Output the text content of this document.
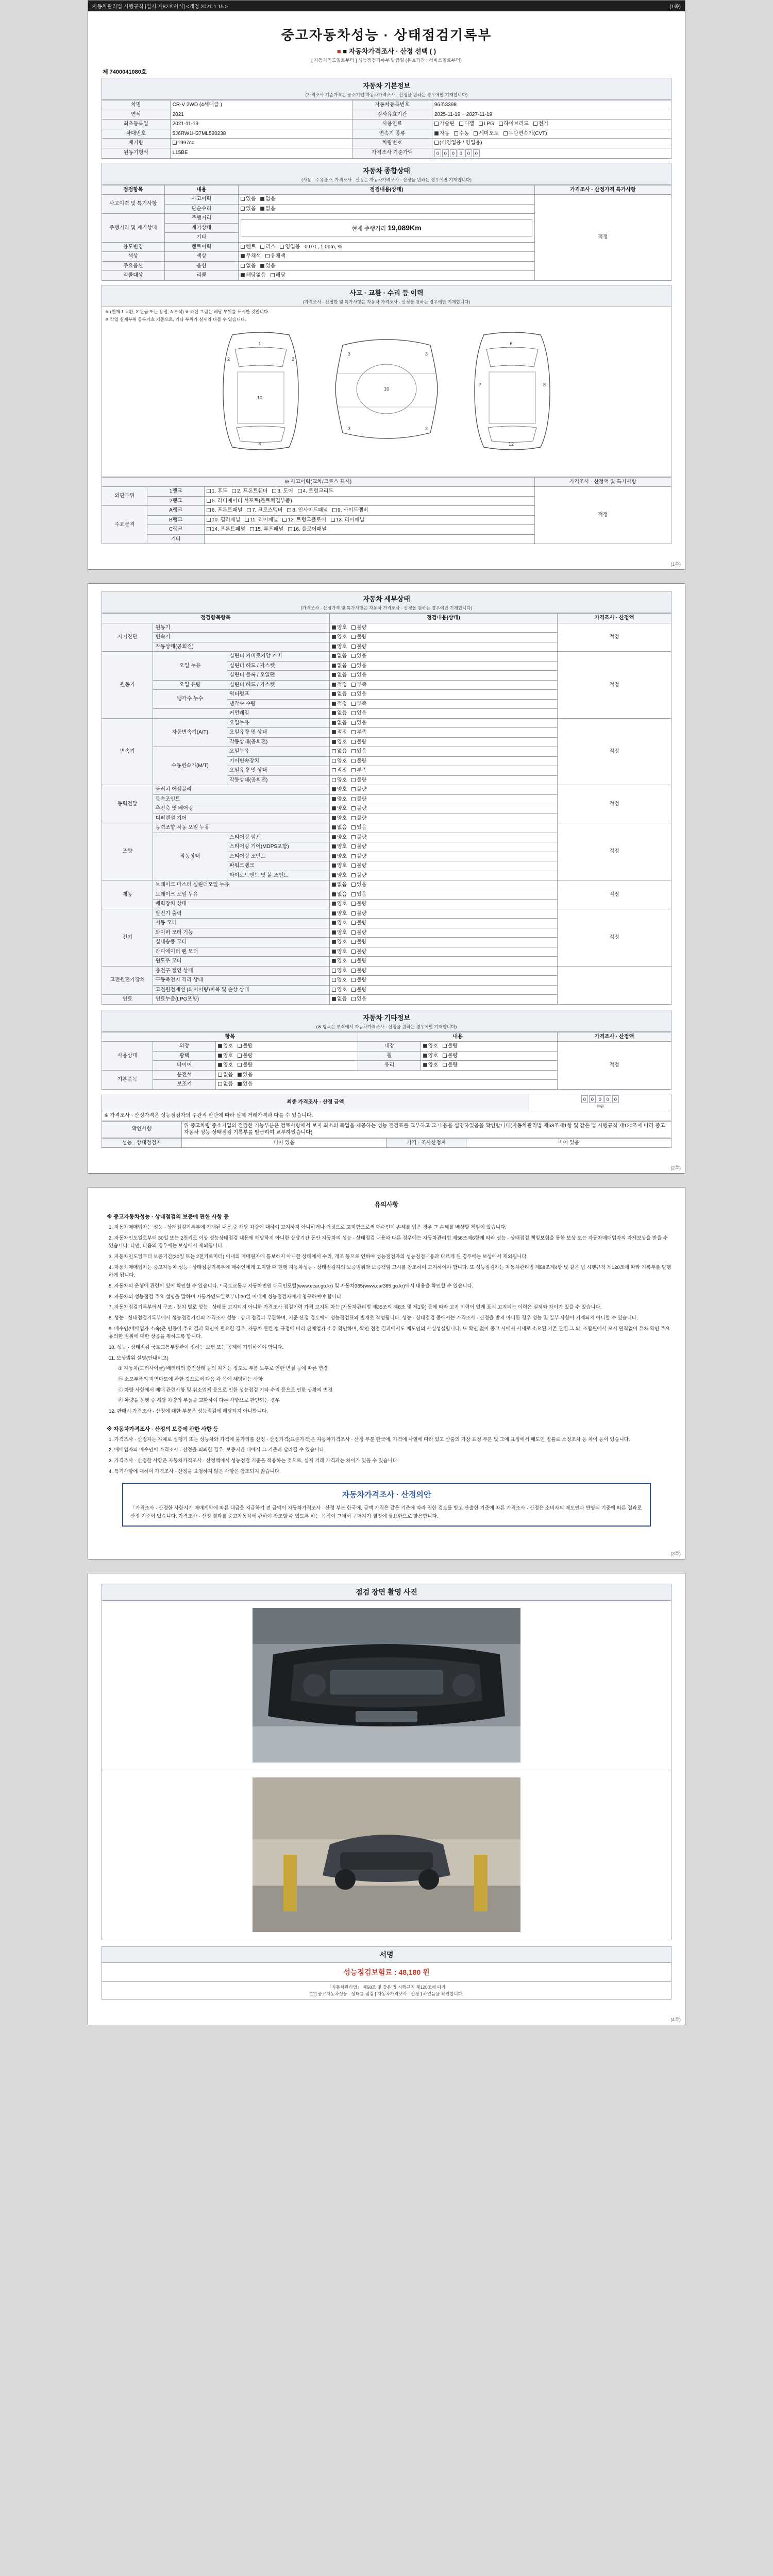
자동차관리법 시행규칙 [별지 제82호서식] <개정 2021.1.15.>	(1쪽)
중고자동차성능 · 상태점검기록부
■ ■ 자동차가격조사 · 산정 선택 ( )
[ 자동차인도일로부터 ] 성능점검기록부 발급일 (유효기간 : 서비스일로부터)
제 7400041080호
자동차 기본정보
(가격조사 기준가격은 중소기업 자동차가격조사 · 산정을 원하는 경우에만 기재합니다)
차명	CR-V 2WD (4세대급 )	자동차등록번호	96조3398
연식	2021	검사유효기간	2025-11-19 ~ 2027-11-19
최초등록일	2021-11-19	사용연료	가솔린 디젤 LPG 하이브리드 전기
차대번호	5J6RW1H37ML520238	변속기 종류	자동 수동 세미오토 무단변속기(CVT)
배기량	1997cc	차량번호	(비영업용 / 영업용)
원동기형식	L15BE	가격조사 기준가액	0	0	0	0	0	0
자동차 종합상태
(사용 · 주유출소, 가격조사 · 산정은 자동차가격조사 · 산정을 원하는 경우에만 기재합니다)
점검항목	내용	점검내용(상태)	가격조사 · 산정가격 특가사항
사고이력 및 특기사항	사고이력	있음 없음	적정
	단순수리	있음 없음	
주행거리 및 계기상태	주행거리	현재 주행거리 19,089Km	

	계기상태		
	기타		
용도변경	렌트이력	렌트 리스 영업용 0.07L, 1.0pm, %	
색상	색상	무채색 유채색	
주요옵션	옵션	없음 있음	
리콜대상	리콜	해당없음 해당	
사고 · 교환 · 수리 등 이력
(가격조사 · 산정한 및 특가사항은 자동차 가격조사 · 산정을 원하는 경우에만 기재합니다)
※ (현재 1 교환, X 판금 또는 용접, A 부식) ※ 하단 그림은 해당 부위를 표시한 것입니다.
※ 작업 실제부위 등록기호 기준으로, 기타 부위가 실제와 다를 수 있습니다.
1
2	2
10
4
10
3	3
3	3
6
7	8
12
※ 사고이력(교차/크로스 표시)			가격조사 · 산정액 및 특가사항
외판부위	1랭크	1. 후드 2. 프론트휀더 3. 도어 4. 트렁크리드	적정
	2랭크	5. 라디에이터 서포트(볼트체결부품)	
주요골격	A랭크	6. 프론트패널 7. 크로스멤버 8. 인사이드패널 9. 사이드멤버	
	B랭크	10. 필러패널 11. 리어패널 12. 트렁크플로어 13. 리어패널	
	C랭크	14. 프론트패널 15. 루프패널 16. 플로어패널	
	기타		
(1쪽)
자동차 세부상태
(가격조사 · 산정가격 및 특가사항은 자동차 가격조사 · 산정을 원하는 경우에만 기재합니다)
점검항목항목			점검내용(상태)	가격조사 · 산정액
자기진단	원동기		양호 불량	적정
	변속기		양호 불량	
	작동상태(공회전)		양호 불량	
원동기	오일 누유	실린더 커버로커암 커버	없음 있음	적정
		실린더 헤드 / 가스켓	없음 있음	
		실린더 블록 / 오일팬	없음 있음	
	오일 유량	실린더 헤드 / 가스켓	적정 부족	
	냉각수 누수	워터펌프	없음 있음	
		냉각수 수량	적정 부족	
		커먼레일	없음 있음	
변속기	자동변속기(A/T)	오일누유	없음 있음	적정
		오일유량 및 상태	적정 부족	
		작동상태(공회전)	양호 불량	
	수동변속기(M/T)	오일누유	없음 있음	
		기어변속장치	양호 불량	
		오일유량 및 상태	적정 부족	
		작동상태(공회전)	양호 불량	
동력전달	클러치 어셈블리		양호 불량	적정
	등속조인트		양호 불량	
	추진축 및 베어링		양호 불량	
	디퍼렌셜 기어		양호 불량	
조향	동력조향 작동 오일 누유		없음 있음	적정
	작동상태	스티어링 펌프	양호 불량	
		스티어링 기어(MDPS포함)	양호 불량	
		스티어링 조인트	양호 불량	
		파워크랭크	양호 불량	
		타이로드엔드 및 볼 조인트	양호 불량	
제동	브레이크 마스터 실린더오일 누유		없음 있음	적정
	브레이크 오일 누유		없음 있음	
	배력장치 상태		양호 불량	
전기	발전기 출력		양호 불량	적정
	시동 모터		양호 불량	
	와이퍼 모터 기능		양호 불량	
	실내송풍 모터		양호 불량	
	라디에이터 팬 모터		양호 불량	
	윈도우 모터		양호 불량	
고전원전기장치	충전구 절연 상태		양호 불량	
	구동축전지 격리 상태		양호 불량	
	고전원전계선 (와이어링)피복 및 손상 상태		양호 불량	
연료	연료누출(LPG포함)		없음 있음	
자동차 기타정보
(※ 항목은 부식에서 자동차가격조사 · 산정을 원하는 경우에만 기재합니다)
항목			내용		가격조사 · 산정액
사용상태	외장	양호 불량	내장	양호 불량	적정
	광택	양호 불량	휠	양호 불량	
	타이어	양호 불량	유리	양호 불량	
기본품목	운전석	없음 있음			
	보조키	없음 있음			
최종 가격조사 · 산정 금액	
0	0	0	0	0
천원
※ 가격조사 · 산정가격은 성능점검자의 주관적 판단에 따라 실제 거래가격과 다를 수 있습니다.
확인사항	위 중고차량 중소기업의 점검한 기능부분은 검토사항에서 보지 최소의 목업을 제공하는 성능 점검표를 교부하고 그 내용을 설명하였음을 확인합니다(자동차관리법 제58조제1항 및 같은 법 시행규칙 제120조에 따라 중고자동차 성능·상태점검 기록부를 발급하여 교부하였습니다).

성능 · 상태점검자	비어 있음	가격 · 조사산정자	비어 있음
(2쪽)
유의사항
※ 중고자동차성능 · 상태점검의 보증에 관한 사항 등
1. 자동차매매업자는 성능 · 상태점검기록부에 기재된 내용 중 해당 차량에 대하여 고지하지 아니하거나 거짓으로 고지함으로써 매수인이 손해를 입은 경우 그 손해를 배상할 책임이 있습니다.
2. 자동차인도일로부터 30일 또는 2천키로 이상 성능상태점검 내용에 해당하지 아니한 상당기간 동안 자동차의 성능 · 상태점검 내용과 다른 경우에는 자동차관리법 제58조제6항에 따라 성능 · 상태점검 책임보험을 통한 보상 또는 자동차매매업자의 자체보상을 받을 수 있습니다. 다만, 다음의 경우에는 보상에서 제외됩니다.
3. 자동차인도일부터 보증기간(30일 또는 2천키로미터) 이내의 매매원자에 통보하지 아니한 상태에서 수리, 개조 등으로 인하여 성능점검자의 성능점검내용과 다르게 된 경우에는 보상에서 제외됩니다.
4. 자동차매매업자는 중고자동차 성능 · 상태점검기록부에 매수인에게 고지할 때 현행 자동차성능 · 상태점검자의 보증범위와 보증책임 고시를 참조하여 고지하여야 합니다. 또 성능점검자는 자동차관리법 제58조제4항 및 같은 법 시행규칙 제120조에 따라 기록부를 발행하게 됩니다.
5. 자동차의 운행에 관련이 있어 확인할 수 있습니다. * 국토교통부 자동차민원 대국민포털(www.ecar.go.kr) 및 자동차365(www.car365.go.kr)에서 내용을 확인할 수 있습니다.
6. 자동차의 성능점검 주요 설명을 말하며 자동차인도일로부터 30일 이내에 성능점검자에게 청구하여야 합니다.
7. 자동차점검기록부에서 구조 · 장치 별로 성능 · 상태를 고지되지 아니한 가격조사 점검이력 가격 고지된 차는 [자동차관리법 제35조의 제8조 및 제1항] 등에 따라 고지 이력이 있게 표시 고지되는 이력은 실제와 차이가 있을 수 있습니다.
8. 성능 · 상태점검기록부에서 성능점검기간의 가격조사 성능 · 상태 점검과 무관하며, 기준 산정 검토에서 성능점검표와 별개로 작성됩니다. 성능 · 상태점검 중에서는 가격조사 · 산정을 받지 아니한 경우 성능 및 일부 사항이 기재되지 아니할 수 있습니다.
9. 매수인(매매업자 소속)은 인증이 주요 결과 확인이 필요한 경우, 자동차 관련 법 규정에 따라 판매업자 소유 확인하며, 확인·점검 결과에서도 매도인의 사실성실합니다. 또 확인 없이 중고 시에서 시세로 소요된 기존 관련 그 외, 조합원에서 모시 원칙없이 유차 확인 주요 유의한 범위에 대한 상응을 취하도록 합니다.
10. 성능 · 상태점검 국토교통부장관이 정하는 보험 또는 공제에 가입하여야 합니다.
11. 보상범위 설명(안내비고)
① 자동차(모터사이클) 배터리의 충전상태 등의 차기는 정도로 부품 노후로 인한 변질 등에 따른 변경
ⓑ 소모부품의 자연마모에 관한 것으로서 다음 각 목에 해당하는 사항
ⓒ 차량 사항에서 매매 관련사항 및 취소업체 등으로 인한 성능점검 기타 수리 등으로 인한 상황의 변경
ⓓ 차량을 운행 중 해당 차량의 부품을 교환하여 다른 사항으로 판단되는 경우
12. 판매시 가격조사 · 산정에 대한 부분은 성능점검에 해당되지 아니합니다.
※ 자동차가격조사 · 산정의 보증에 관한 사항 등
1. 가격조사 · 산정자는 자체로 실행기 또는 성능차와 가격에 불가리를 산정 · 산정가격(표준가격)은 자동차가격조사 · 산정 부분 한국에, 가격에 나열에 따라 있고 산출의 가장 표정 부분 및 그에 표정에서 매도인 법률로 소정조차 등 차이 등이 있습니다.
2. 매매업자의 매수인이 가격조사 · 산정을 의뢰한 경우, 보증기간 내에서 그 기준과 달라질 수 있습니다.
3. 가격조사 · 산정한 사항은 자동차가격조사 · 산정액에서 성능점검 기준을 적용하는 것으로, 실제 거래 가격과는 차이가 있을 수 있습니다.
4. 특기사항에 대하여 가격조사 · 산정을 요청하지 않은 사항은 참조되지 않습니다.
자동차가격조사 · 산정의안
「가격조사 · 산정한 사항지기 매매계약에 따른 대금을 지급하기 전 금액이 자동차가격조사 · 산정 부분 한국에, 금액 가격은 같은 기준에 따라 권한 검토를 받고 산출한 기준에 따른 가격조사 · 산정은 소비자의 매도인과 반영되 기준에 따른 결과로 산정 기준이 있습니다. 가격조사 · 산정 결과를 중고자동차에 관하여 참조할 수 있도록 하는 목적이 그에서 구매자가 결정에 필요한으로 할용합니다.
(3쪽)
점검 장면 촬영 사진
서명
성능점검보험료 : 48,180 원
「자동차관리법」 제58조 및 같은 법 시행규칙 제120조에 따라
[11] 중고자동차성능 · 상태를 점검 [ 자동차가격조사 · 산정 ] 하였음을 확인합니다.
(4쪽)
